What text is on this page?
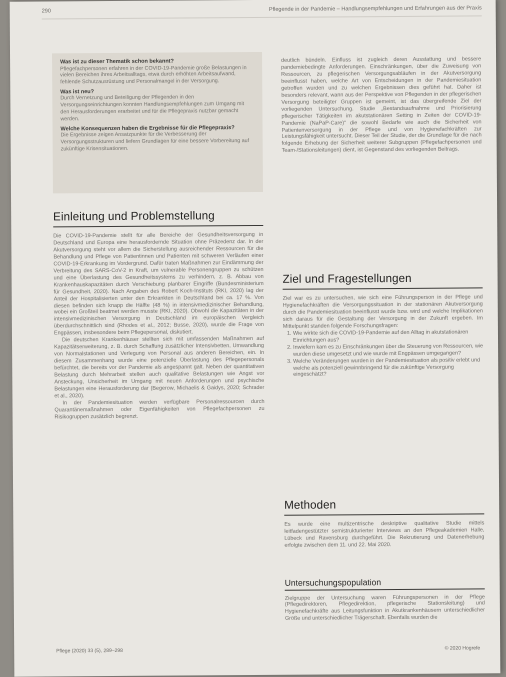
290	Pflegende in der Pandemie – Handlungsempfehlungen und Erfahrungen aus der Praxis
Was ist zu dieser Thematik schon bekannt?
Pflegefachpersonen erfahren in der COVID-19-Pandemie große Belastungen in vielen Bereichen ihres Arbeitsalltags, etwa durch erhöhten Arbeitsaufwand, fehlende Schutzausrüstung und Personalmangel in der Versorgung.
Was ist neu?
Durch Vernetzung und Beteiligung der Pflegenden in den Versorgungseinrichtungen konnten Handlungsempfehlungen zum Umgang mit den Herausforderungen erarbeitet und für die Pflegepraxis nutzbar gemacht werden.
Welche Konsequenzen haben die Ergebnisse für die Pflegepraxis?
Die Ergebnisse zeigen Ansatzpunkte für die Verbesserung der Versorgungsstrukturen und liefern Grundlagen für eine bessere Vorbereitung auf zukünftige Krisensituationen.
Einleitung und Problemstellung

Die COVID-19-Pandemie stellt für alle Bereiche der Gesundheitsversorgung in Deutschland und Europa eine herausfordernde Situation ohne Präzedenz dar. In der Akutversorgung steht vor allem die Sicherstellung ausreichender Ressourcen für die Behandlung und Pflege von Patientinnen und Patienten mit schweren Verläufen einer COVID-19-Erkrankung im Vordergrund. Dafür traten Maßnahmen zur Eindämmung der Verbreitung des SARS-CoV-2 in Kraft, um vulnerable Personengruppen zu schützen und eine Überlastung des Gesundheitssystems zu verhindern, z. B. Abbau von Krankenhauskapazitäten durch Verschiebung planbarer Eingriffe (Bundesministerium für Gesundheit, 2020). Nach Angaben des Robert Koch-Instituts (RKI, 2020) lag der Anteil der Hospitalisierten unter den Erkrankten in Deutschland bei ca. 17 %. Von diesen befinden sich knapp die Hälfte (48 %) in intensivmedizinischer Behandlung, wobei ein Großteil beatmet werden musste (RKI, 2020). Obwohl die Kapazitäten in der intensivmedizinischen Versorgung in Deutschland im europäischen Vergleich überdurchschnittlich sind (Rhodes et al., 2012; Busse, 2020), wurde die Frage von Engpässen, insbesondere beim Pflegepersonal, diskutiert.

Die deutschen Krankenhäuser stellten sich mit umfassenden Maßnahmen auf Kapazitätserweiterung, z. B. durch Schaffung zusätzlicher Intensivbetten, Umwandlung von Normalstationen und Verlegung von Personal aus anderen Bereichen, ein. In diesem Zusammenhang wurde eine potenzielle Überlastung des Pflegepersonals befürchtet, die bereits vor der Pandemie als angespannt galt. Neben der quantitativen Belastung durch Mehrarbeit stellen auch qualitative Belastungen wie Angst vor Ansteckung, Unsicherheit im Umgang mit neuen Anforderungen und psychische Belastungen eine Herausforderung dar (Begerow, Michaelis & Gaidys, 2020; Schrader et al., 2020).

In der Pandemiesituation werden verfügbare Personalressourcen durch Quarantänemaßnahmen oder Eigenfähigkeiten von Pflegefachpersonen zu Risikogruppen zusätzlich begrenzt.

deutlich bündeln. Einfluss ist zugleich deren Ausstattung und bessere pandemiebedingte Anforderungen. Einschränkungen, über die Zuweisung von Ressourcen, zu pflegerischen Versorgungsabläufen in der Akutversorgung beeinflusst haben, welche Art von Entscheidungen in der Pandemiesituation getroffen wurden und zu welchen Ergebnissen dies geführt hat. Daher ist besonders relevant, wann aus der Perspektive von Pflegenden in der pflegerischen Versorgung beteiligter Gruppen ist gemeint, ist das übergreifende Ziel der vorliegenden Untersuchung. Studie „Bestandsaufnahme und Priorisierung pflegerischer Tätigkeiten im akutstationären Setting in Zeiten der COVID-19-Pandemie (NaPaP-Care)“ die sowohl Bedarfe wie auch die Sicherheit von Patientenversorgung in der Pflege und von Hygienefachkräften zur Leistungsfähigkeit untersucht. Dieser Teil der Studie, der die Grundlage für die nach folgende Erhebung der Sicherheit weiterer Subgruppen (Pflegefachpersonen und Team-/Stationsleitungen) dient, ist Gegenstand des vorliegenden Beitrags.

Ziel und Fragestellungen
Ziel war es zu untersuchen, wie sich eine Führungsperson in der Pflege und Hygienefachkräften die Versorgungssituation in der stationären Akutversorgung durch die Pandemiesituation beeinflusst wurde bzw. wird und welche Implikationen sich daraus für die Gestaltung der Versorgung in der Zukunft ergeben. Im Mittelpunkt standen folgende Forschungsfragen:
1. Wie wirkte sich die COVID-19-Pandemie auf den Alltag in akutstationären Einrichtungen aus?
2. Inwiefern kam es zu Einschränkungen über die Steuerung von Ressourcen, wie wurden diese umgesetzt und wie wurde mit Engpässen umgegangen?
3. Welche Veränderungen wurden in der Pandemiesituation als positiv erlebt und welche als potenziell gewinnbringend für die zukünftige Versorgung eingeschätzt?
Methoden
Es wurde eine multizentrische deskriptive qualitative Studie mittels leitfadengestützter semistrukturierter Interviews an den Pflegeakademien Halle, Lübeck und Ravensburg durchgeführt. Die Rekrutierung und Datenerhebung erfolgte zwischen dem 11. und 22. Mai 2020.
Untersuchungspopulation
Zielgruppe der Untersuchung waren Führungspersonen in der Pflege (Pflegedirektoren, Pflegedirektion, pflegerische Stationsleitung) und Hygienefachkräfte aus Leitungsfunktion in Akutkrankenhäusern unterschiedlicher Größe und unterschiedlicher Trägerschaft. Ebenfalls wurden die
Pflege (2020) 33 (5), 289–298	© 2020 Hogrefe
